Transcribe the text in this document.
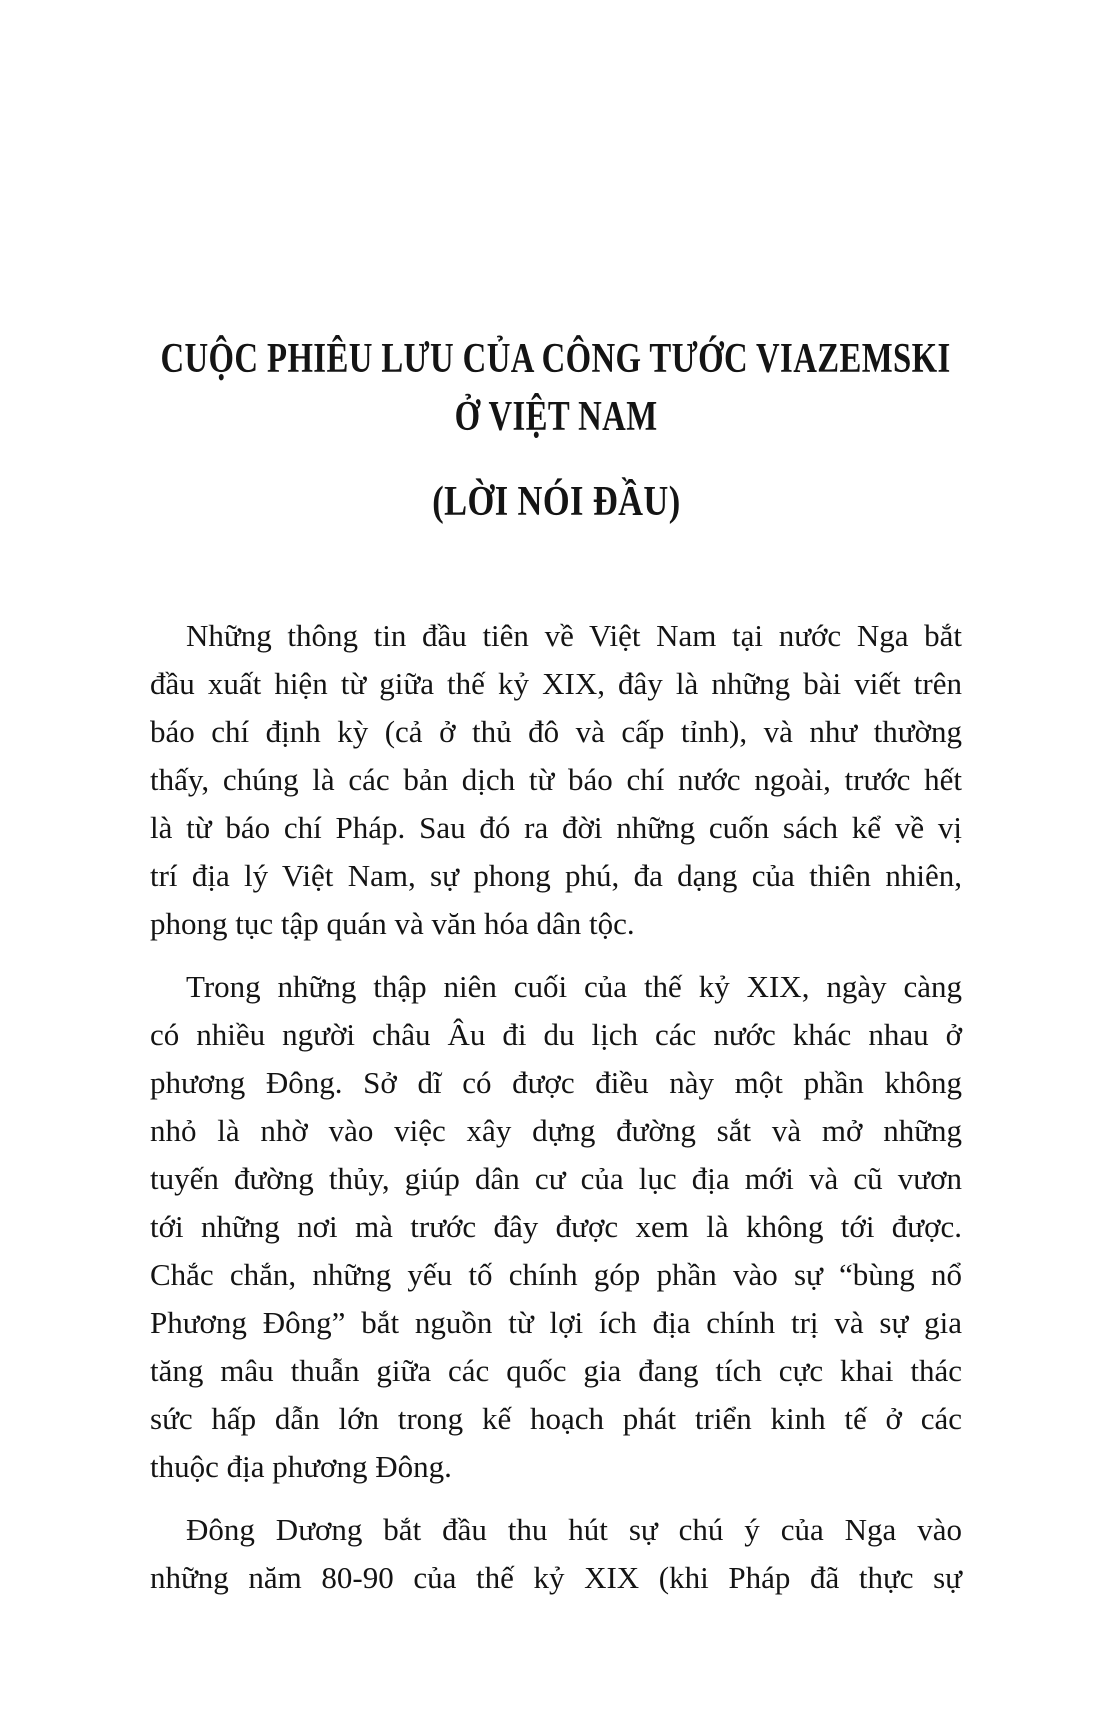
CUỘC PHIÊU LƯU CỦA CÔNG TƯỚC VIAZEMSKI
Ở VIỆT NAM
(LỜI NÓI ĐẦU)

Những thông tin đầu tiên về Việt Nam tại nước Nga bắt
đầu xuất hiện từ giữa thế kỷ XIX, đây là những bài viết trên
báo chí định kỳ (cả ở thủ đô và cấp tỉnh), và như thường
thấy, chúng là các bản dịch từ báo chí nước ngoài, trước hết
là từ báo chí Pháp. Sau đó ra đời những cuốn sách kể về vị
trí địa lý Việt Nam, sự phong phú, đa dạng của thiên nhiên,
phong tục tập quán và văn hóa dân tộc.

Trong những thập niên cuối của thế kỷ XIX, ngày càng
có nhiều người châu Âu đi du lịch các nước khác nhau ở
phương Đông. Sở dĩ có được điều này một phần không
nhỏ là nhờ vào việc xây dựng đường sắt và mở những
tuyến đường thủy, giúp dân cư của lục địa mới và cũ vươn
tới những nơi mà trước đây được xem là không tới được.
Chắc chắn, những yếu tố chính góp phần vào sự “bùng nổ
Phương Đông” bắt nguồn từ lợi ích địa chính trị và sự gia
tăng mâu thuẫn giữa các quốc gia đang tích cực khai thác
sức hấp dẫn lớn trong kế hoạch phát triển kinh tế ở các
thuộc địa phương Đông.

Đông Dương bắt đầu thu hút sự chú ý của Nga vào
những năm 80-90 của thế kỷ XIX (khi Pháp đã thực sự
